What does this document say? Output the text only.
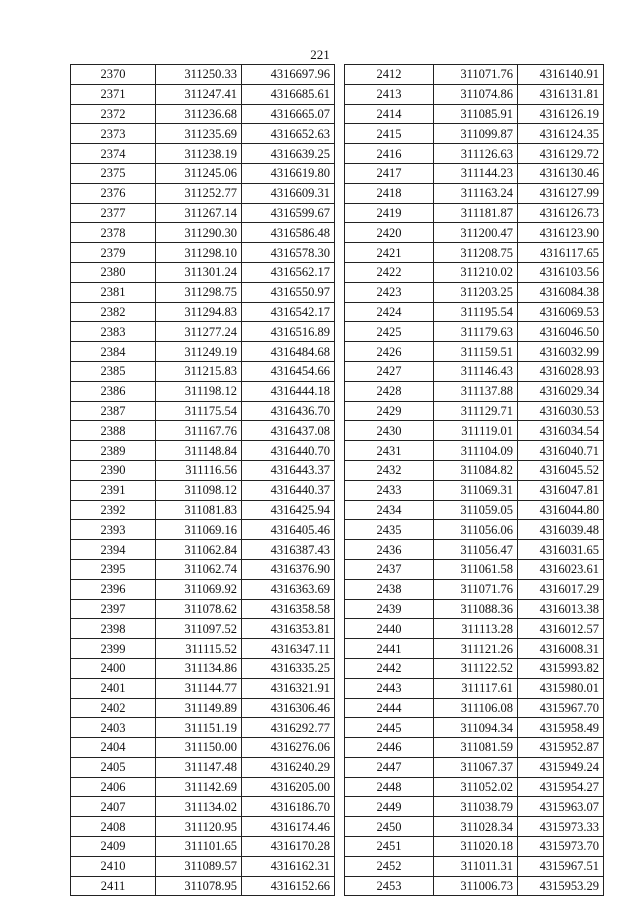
221
2370	311250.33	4316697.96
2371	311247.41	4316685.61
2372	311236.68	4316665.07
2373	311235.69	4316652.63
2374	311238.19	4316639.25
2375	311245.06	4316619.80
2376	311252.77	4316609.31
2377	311267.14	4316599.67
2378	311290.30	4316586.48
2379	311298.10	4316578.30
2380	311301.24	4316562.17
2381	311298.75	4316550.97
2382	311294.83	4316542.17
2383	311277.24	4316516.89
2384	311249.19	4316484.68
2385	311215.83	4316454.66
2386	311198.12	4316444.18
2387	311175.54	4316436.70
2388	311167.76	4316437.08
2389	311148.84	4316440.70
2390	311116.56	4316443.37
2391	311098.12	4316440.37
2392	311081.83	4316425.94
2393	311069.16	4316405.46
2394	311062.84	4316387.43
2395	311062.74	4316376.90
2396	311069.92	4316363.69
2397	311078.62	4316358.58
2398	311097.52	4316353.81
2399	311115.52	4316347.11
2400	311134.86	4316335.25
2401	311144.77	4316321.91
2402	311149.89	4316306.46
2403	311151.19	4316292.77
2404	311150.00	4316276.06
2405	311147.48	4316240.29
2406	311142.69	4316205.00
2407	311134.02	4316186.70
2408	311120.95	4316174.46
2409	311101.65	4316170.28
2410	311089.57	4316162.31
2411	311078.95	4316152.66
2412	311071.76	4316140.91
2413	311074.86	4316131.81
2414	311085.91	4316126.19
2415	311099.87	4316124.35
2416	311126.63	4316129.72
2417	311144.23	4316130.46
2418	311163.24	4316127.99
2419	311181.87	4316126.73
2420	311200.47	4316123.90
2421	311208.75	4316117.65
2422	311210.02	4316103.56
2423	311203.25	4316084.38
2424	311195.54	4316069.53
2425	311179.63	4316046.50
2426	311159.51	4316032.99
2427	311146.43	4316028.93
2428	311137.88	4316029.34
2429	311129.71	4316030.53
2430	311119.01	4316034.54
2431	311104.09	4316040.71
2432	311084.82	4316045.52
2433	311069.31	4316047.81
2434	311059.05	4316044.80
2435	311056.06	4316039.48
2436	311056.47	4316031.65
2437	311061.58	4316023.61
2438	311071.76	4316017.29
2439	311088.36	4316013.38
2440	311113.28	4316012.57
2441	311121.26	4316008.31
2442	311122.52	4315993.82
2443	311117.61	4315980.01
2444	311106.08	4315967.70
2445	311094.34	4315958.49
2446	311081.59	4315952.87
2447	311067.37	4315949.24
2448	311052.02	4315954.27
2449	311038.79	4315963.07
2450	311028.34	4315973.33
2451	311020.18	4315973.70
2452	311011.31	4315967.51
2453	311006.73	4315953.29
